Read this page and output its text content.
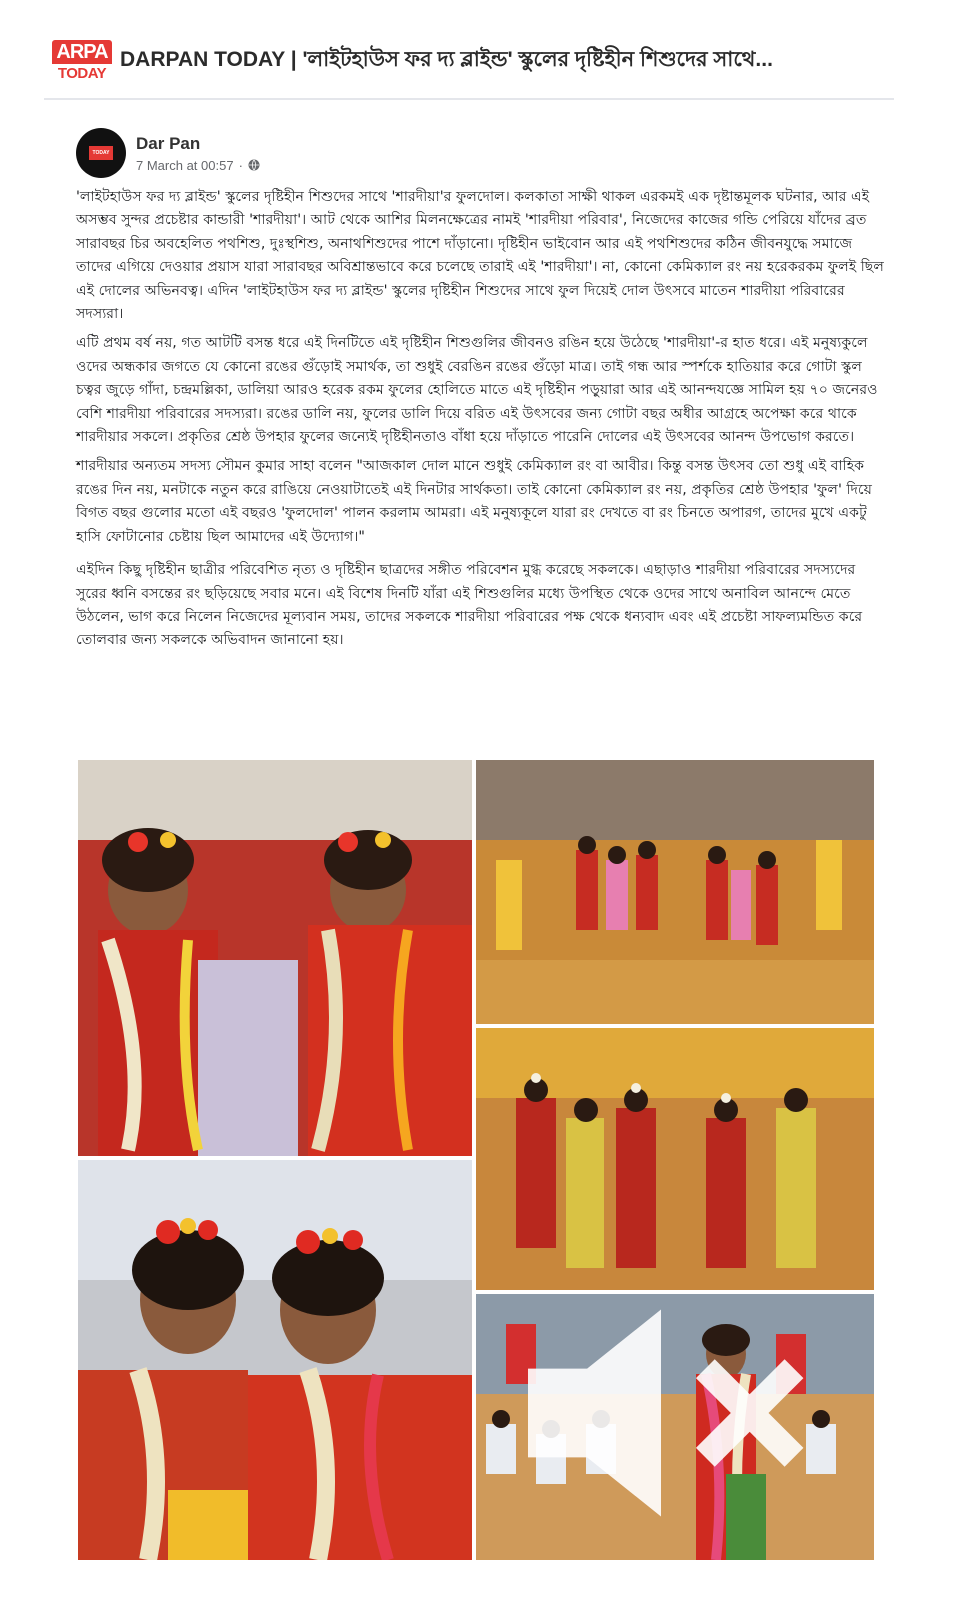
ARPA
TODAY
DARPAN TODAY | 'লাইটহাউস ফর দ্য ব্লাইন্ড' স্কুলের দৃষ্টিহীন শিশুদের সাথে...
TODAY
Dar Pan
7 March at 00:57 ·

'লাইটহাউস ফর দ্য ব্লাইন্ড' স্কুলের দৃষ্টিহীন শিশুদের সাথে 'শারদীয়া'র ফুলদোল। কলকাতা সাক্ষী থাকল এরকমই এক দৃষ্টান্তমূলক ঘটনার, আর এই অসম্ভব সুন্দর প্রচেষ্টার কান্ডারী 'শারদীয়া'। আট থেকে আশির মিলনক্ষেত্রের নামই 'শারদীয়া পরিবার', নিজেদের কাজের গন্ডি পেরিয়ে যাঁদের ব্রত সারাবছর চির অবহেলিত পথশিশু, দুঃস্থশিশু, অনাথশিশুদের পাশে দাঁড়ানো। দৃষ্টিহীন ভাইবোন আর এই পথশিশুদের কঠিন জীবনযুদ্ধে সমাজে তাদের এগিয়ে দেওয়ার প্রয়াস যারা সারাবছর অবিশ্রান্তভাবে করে চলেছে তারাই এই 'শারদীয়া'। না, কোনো কেমিক্যাল রং নয় হরেকরকম ফুলই ছিল এই দোলের অভিনবত্ব। এদিন 'লাইটহাউস ফর দ্য ব্লাইন্ড' স্কুলের দৃষ্টিহীন শিশুদের সাথে ফুল দিয়েই দোল উৎসবে মাতেন শারদীয়া পরিবারের সদস্যরা।

এটি প্রথম বর্ষ নয়, গত আটটি বসন্ত ধরে এই দিনটিতে এই দৃষ্টিহীন শিশুগুলির জীবনও রঙিন হয়ে উঠেছে 'শারদীয়া'-র হাত ধরে। এই মনুষ্যকুলে ওদের অন্ধকার জগতে যে কোনো রঙের গুঁড়োই সমার্থক, তা শুধুই বেরঙিন রঙের গুঁড়ো মাত্র। তাই গন্ধ আর স্পর্শকে হাতিয়ার করে গোটা স্কুল চত্বর জুড়ে গাঁদা, চন্দ্রমল্লিকা, ডালিয়া আরও হরেক রকম ফুলের হোলিতে মাতে এই দৃষ্টিহীন পড়ুয়ারা আর এই আনন্দযজ্ঞে সামিল হয় ৭০ জনেরও বেশি শারদীয়া পরিবারের সদস্যরা। রঙের ডালি নয়, ফুলের ডালি দিয়ে বরিত এই উৎসবের জন্য গোটা বছর অধীর আগ্রহে অপেক্ষা করে থাকে শারদীয়ার সকলে। প্রকৃতির শ্রেষ্ঠ উপহার ফুলের জন্যেই দৃষ্টিহীনতাও বাঁধা হয়ে দাঁড়াতে পারেনি দোলের এই উৎসবের আনন্দ উপভোগ করতে।

শারদীয়ার অন্যতম সদস্য সৌমন কুমার সাহা বলেন "আজকাল দোল মানে শুধুই কেমিক্যাল রং বা আবীর। কিন্তু বসন্ত উৎসব তো শুধু এই বাহিক রঙের দিন নয়, মনটাকে নতুন করে রাঙিয়ে নেওয়াটাতেই এই দিনটার সার্থকতা। তাই কোনো কেমিক্যাল রং নয়, প্রকৃতির শ্রেষ্ঠ উপহার 'ফুল' দিয়ে বিগত বছর গুলোর মতো এই বছরও 'ফুলদোল' পালন করলাম আমরা। এই মনুষ্যকূলে যারা রং দেখতে বা রং চিনতে অপারগ, তাদের মুখে একটু হাসি ফোটানোর চেষ্টায় ছিল আমাদের এই উদ্যোগ।"

এইদিন কিছু দৃষ্টিহীন ছাত্রীর পরিবেশিত নৃত্য ও দৃষ্টিহীন ছাত্রদের সঙ্গীত পরিবেশন মুগ্ধ করেছে সকলকে। এছাড়াও শারদীয়া পরিবারের সদস্যদের সুরের ধ্বনি বসন্তের রং ছড়িয়েছে সবার মনে। এই বিশেষ দিনটি যাঁরা এই শিশুগুলির মধ্যে উপস্থিত থেকে ওদের সাথে অনাবিল আনন্দে মেতে উঠলেন, ভাগ করে নিলেন নিজেদের মূল্যবান সময়, তাদের সকলকে শারদীয়া পরিবারের পক্ষ থেকে ধন্যবাদ এবং এই প্রচেষ্টা সাফল্যমন্ডিত করে তোলবার জন্য সকলকে অভিবাদন জানানো হয়।
